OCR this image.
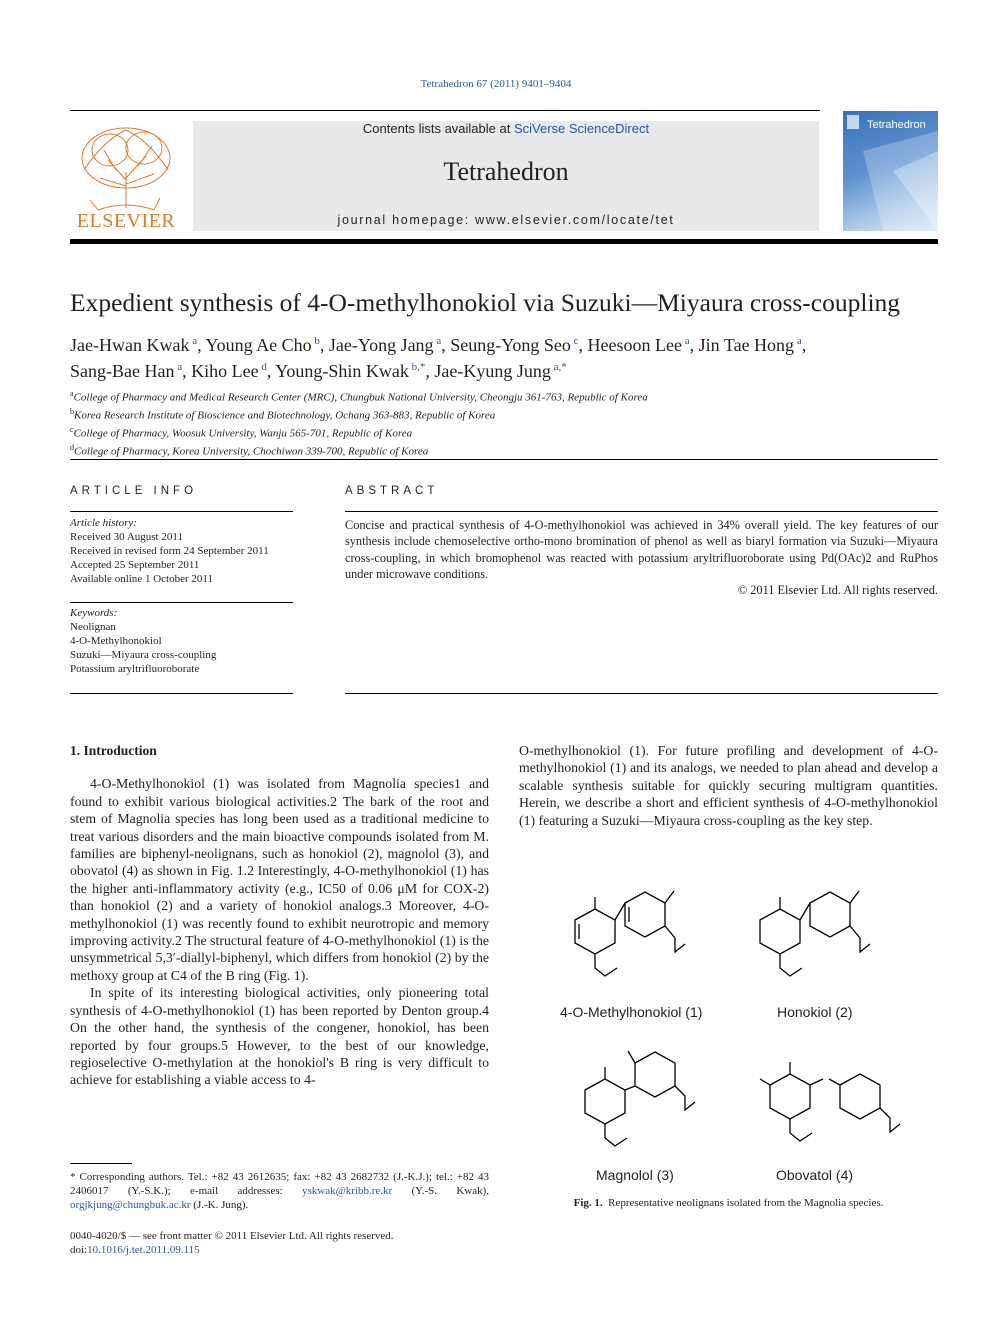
Tetrahedron 67 (2011) 9401–9404
ELSEVIER
Contents lists available at SciVerse ScienceDirect
Tetrahedron
journal homepage: www.elsevier.com/locate/tet
Tetrahedron
Expedient synthesis of 4-O-methylhonokiol via Suzuki—Miyaura cross-coupling
Jae-Hwan Kwak $^a$, Young Ae Cho $^b$, Jae-Yong Jang $^a$, Seung-Yong Seo $^c$, Heesoon Lee $^a$, Jin Tae Hong $^a$,
Sang-Bae Han $^a$, Kiho Lee $^d$, Young-Shin Kwak $^{b,*}$, Jae-Kyung Jung $^{a,*}$
$^a$College of Pharmacy and Medical Research Center (MRC), Chungbuk National University, Cheongju 361-763, Republic of Korea
$^b$Korea Research Institute of Bioscience and Biotechnology, Ochang 363-883, Republic of Korea
$^c$College of Pharmacy, Woosuk University, Wanju 565-701, Republic of Korea
$^d$College of Pharmacy, Korea University, Chochiwon 339-700, Republic of Korea
ARTICLE INFO
Article history:
Received 30 August 2011
Received in revised form 24 September 2011
Accepted 25 September 2011
Available online 1 October 2011
Keywords:
Neolignan
4-O-Methylhonokiol
Suzuki—Miyaura cross-coupling
Potassium aryltrifluoroborate
ABSTRACT
Concise and practical synthesis of 4-O-methylhonokiol was achieved in 34% overall yield. The key features of our synthesis include chemoselective ortho-mono bromination of phenol as well as biaryl formation via Suzuki—Miyaura cross-coupling, in which bromophenol was reacted with potassium aryltrifluoroborate using Pd(OAc)2 and RuPhos under microwave conditions.
© 2011 Elsevier Ltd. All rights reserved.
1. Introduction

4-O-Methylhonokiol (1) was isolated from Magnolia species1 and found to exhibit various biological activities.2 The bark of the root and stem of Magnolia species has long been used as a traditional medicine to treat various disorders and the main bioactive compounds isolated from M. families are biphenyl-neolignans, such as honokiol (2), magnolol (3), and obovatol (4) as shown in Fig. 1.2 Interestingly, 4-O-methylhonokiol (1) has the higher anti-inflammatory activity (e.g., IC50 of 0.06 μM for COX-2) than honokiol (2) and a variety of honokiol analogs.3 Moreover, 4-O-methylhonokiol (1) was recently found to exhibit neurotropic and memory improving activity.2 The structural feature of 4-O-methylhonokiol (1) is the unsymmetrical 5,3′-diallyl-biphenyl, which differs from honokiol (2) by the methoxy group at C4 of the B ring (Fig. 1).

In spite of its interesting biological activities, only pioneering total synthesis of 4-O-methylhonokiol (1) has been reported by Denton group.4 On the other hand, the synthesis of the congener, honokiol, has been reported by four groups.5 However, to the best of our knowledge, regioselective O-methylation at the honokiol's B ring is very difficult to achieve for establishing a viable access to 4-

O-methylhonokiol (1). For future profiling and development of 4-O-methylhonokiol (1) and its analogs, we needed to plan ahead and develop a scalable synthesis suitable for quickly securing multigram quantities. Herein, we describe a short and efficient synthesis of 4-O-methylhonokiol (1) featuring a Suzuki—Miyaura cross-coupling as the key step.

4-O-Methylhonokiol (1)	Honokiol (2)
Magnolol (3)	Obovatol (4)
Fig. 1. Representative neolignans isolated from the Magnolia species.
* Corresponding authors. Tel.: +82 43 2612635; fax: +82 43 2682732 (J.-K.J.); tel.: +82 43 2406017 (Y.-S.K.); e-mail addresses: yskwak@kribb.re.kr (Y.-S. Kwak), orgjkjung@chungbuk.ac.kr (J.-K. Jung).
0040-4020/$ — see front matter © 2011 Elsevier Ltd. All rights reserved.
doi:10.1016/j.tet.2011.09.115
